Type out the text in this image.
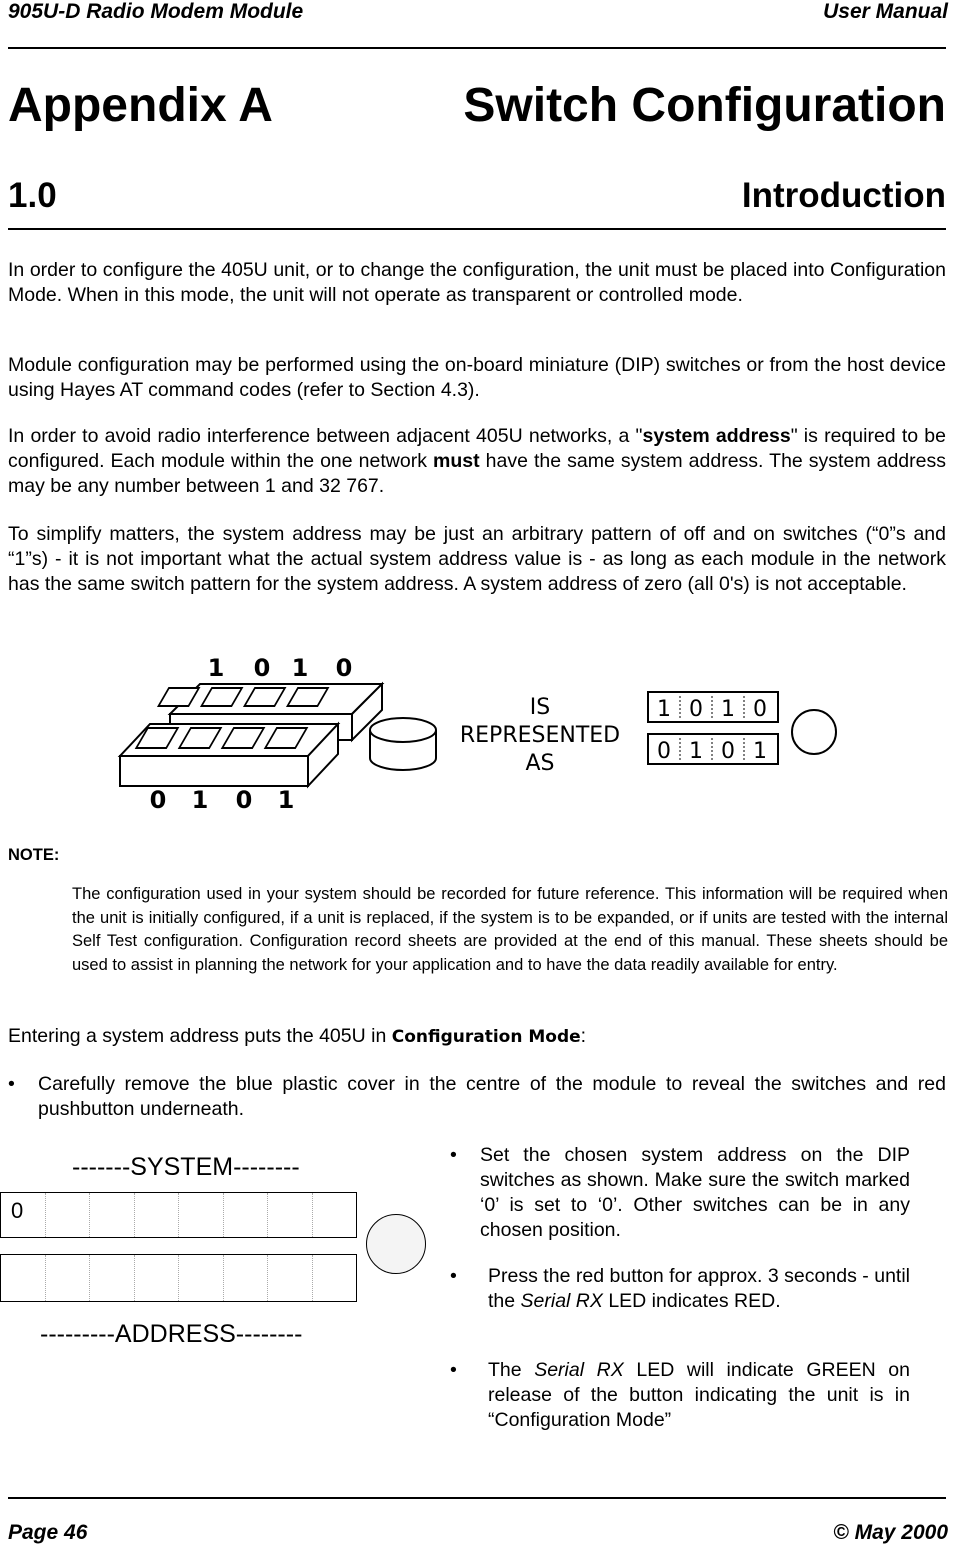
905U-D Radio Modem Module	User Manual
Appendix A	Switch Configuration
1.0	Introduction
In order to configure the 405U unit, or to change the configuration, the unit must be placed into Configuration Mode. When in this mode, the unit will not operate as transparent or controlled mode.
Module configuration may be performed using the on-board miniature (DIP) switches or from the host device using Hayes AT command codes (refer to Section 4.3).
In order to avoid radio interference between adjacent 405U networks, a "system address" is required to be configured. Each module within the one network must have the same system address. The system address may be any number between 1 and 32 767.
To simplify matters, the system address may be just an arbitrary pattern of off and on switches (“0”s and “1”s) - it is not important what the actual system address value is - as long as each module in the network has the same switch pattern for the system address. A system address of zero (all 0's) is not acceptable.
1 0 1 0
0 1 0 1
IS
REPRESENTED
AS
1 0 1 0
0 1 0 1
NOTE:
The configuration used in your system should be recorded for future reference. This information will be required when the unit is initially configured, if a unit is replaced, if the system is to be expanded, or if units are tested with the internal Self Test configuration. Configuration record sheets are provided at the end of this manual. These sheets should be used to assist in planning the network for your application and to have the data readily available for entry.
Entering a system address puts the 405U in Configuration Mode:
•	Carefully remove the blue plastic cover in the centre of the module to reveal the switches and red pushbutton underneath.
-------SYSTEM--------
0
---------ADDRESS--------
•	Set the chosen system address on the DIP switches as shown. Make sure the switch marked ‘0’ is set to ‘0’. Other switches can be in any chosen position.
•	Press the red button for approx. 3 seconds - until the Serial RX LED indicates RED.
•	The Serial RX LED will indicate GREEN on release of the button indicating the unit is in “Configuration Mode”
Page 46	© May 2000
